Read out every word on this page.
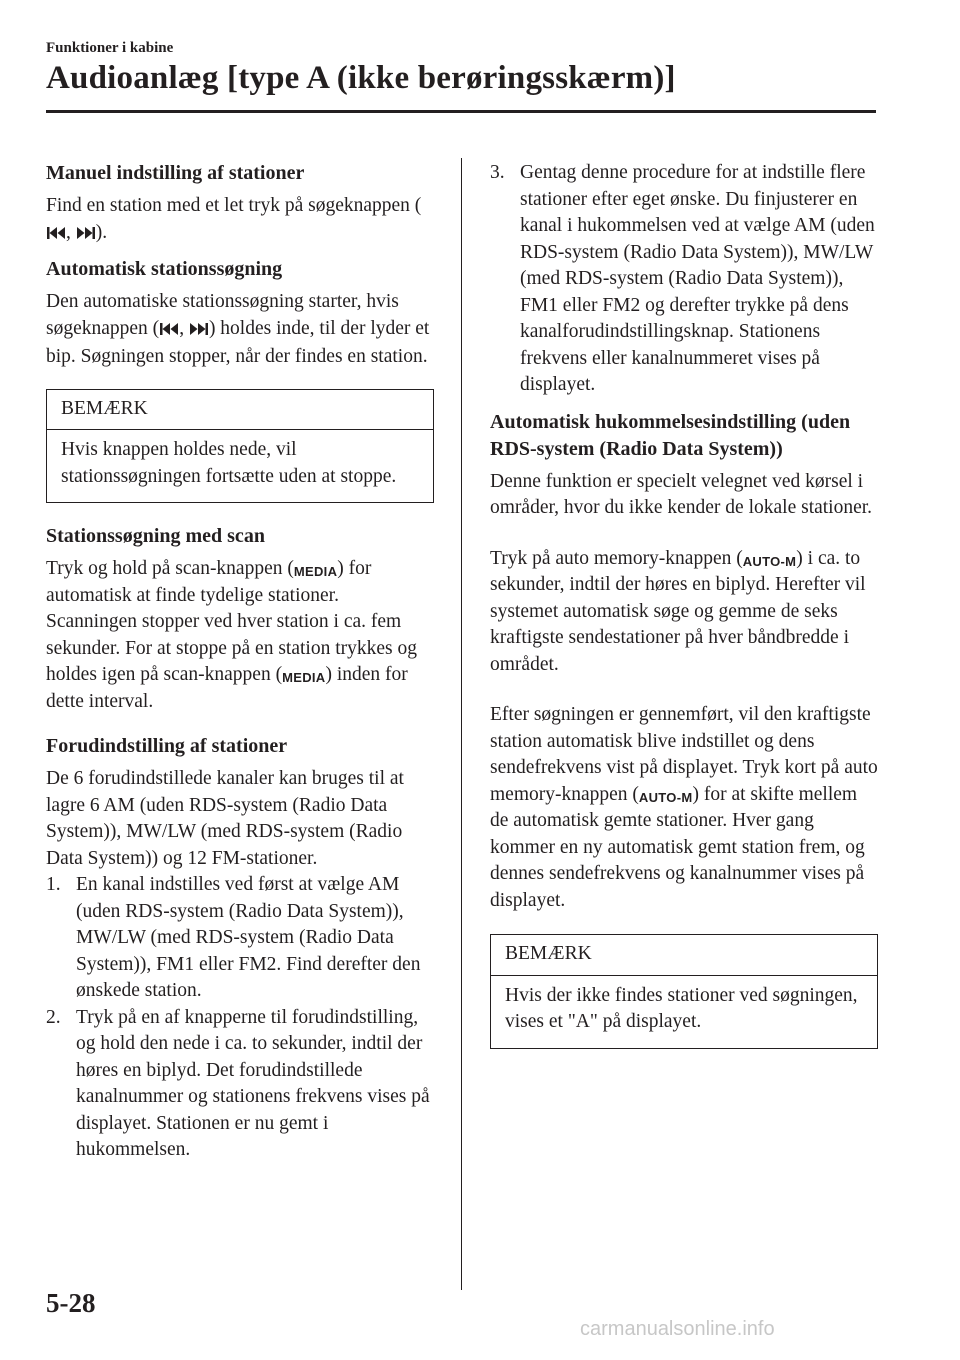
Funktioner i kabine
Audioanlæg [type A (ikke berøringsskærm)]
Manuel indstilling af stationer

Find en station med et let tryk på søgeknappen (, ).

Automatisk stationssøgning

Den automatiske stationssøgning starter, hvis søgeknappen ( , ) holdes inde, til der lyder et bip. Søgningen stopper, når der findes en station.

BEMÆRK
Hvis knappen holdes nede, vil stationssøgningen fortsætte uden at stoppe.
Stationssøgning med scan

Tryk og hold på scan-knappen (MEDIA) for automatisk at finde tydelige stationer. Scanningen stopper ved hver station i ca. fem sekunder. For at stoppe på en station trykkes og holdes igen på scan-knappen (MEDIA) inden for dette interval.

Forudindstilling af stationer

De 6 forudindstillede kanaler kan bruges til at lagre 6 AM (uden RDS-system (Radio Data System)), MW/LW (med RDS-system (Radio Data System)) og 12 FM-stationer.

1. En kanal indstilles ved først at vælge AM (uden RDS-system (Radio Data System)), MW/LW (med RDS-system (Radio Data System)), FM1 eller FM2. Find derefter den ønskede station.
2. Tryk på en af knapperne til forudindstilling, og hold den nede i ca. to sekunder, indtil der høres en biplyd. Det forudindstillede kanalnummer og stationens frekvens vises på displayet. Stationen er nu gemt i hukommelsen.
3. Gentag denne procedure for at indstille flere stationer efter eget ønske. Du finjusterer en kanal i hukommelsen ved at vælge AM (uden RDS-system (Radio Data System)), MW/LW (med RDS-system (Radio Data System)), FM1 eller FM2 og derefter trykke på dens kanalforudindstillingsknap. Stationens frekvens eller kanalnummeret vises på displayet.
Automatisk hukommelsesindstilling (uden RDS-system (Radio Data System))

Denne funktion er specielt velegnet ved kørsel i områder, hvor du ikke kender de lokale stationer.

Tryk på auto memory-knappen (AUTO-M) i ca. to sekunder, indtil der høres en biplyd. Herefter vil systemet automatisk søge og gemme de seks kraftigste sendestationer på hver båndbredde i området.

Efter søgningen er gennemført, vil den kraftigste station automatisk blive indstillet og dens sendefrekvens vist på displayet. Tryk kort på auto memory-knappen (AUTO-M) for at skifte mellem de automatisk gemte stationer. Hver gang kommer en ny automatisk gemt station frem, og dennes sendefrekvens og kanalnummer vises på displayet.

BEMÆRK
Hvis der ikke findes stationer ved søgningen, vises et "A" på displayet.
5-28
carmanualsonline.info
